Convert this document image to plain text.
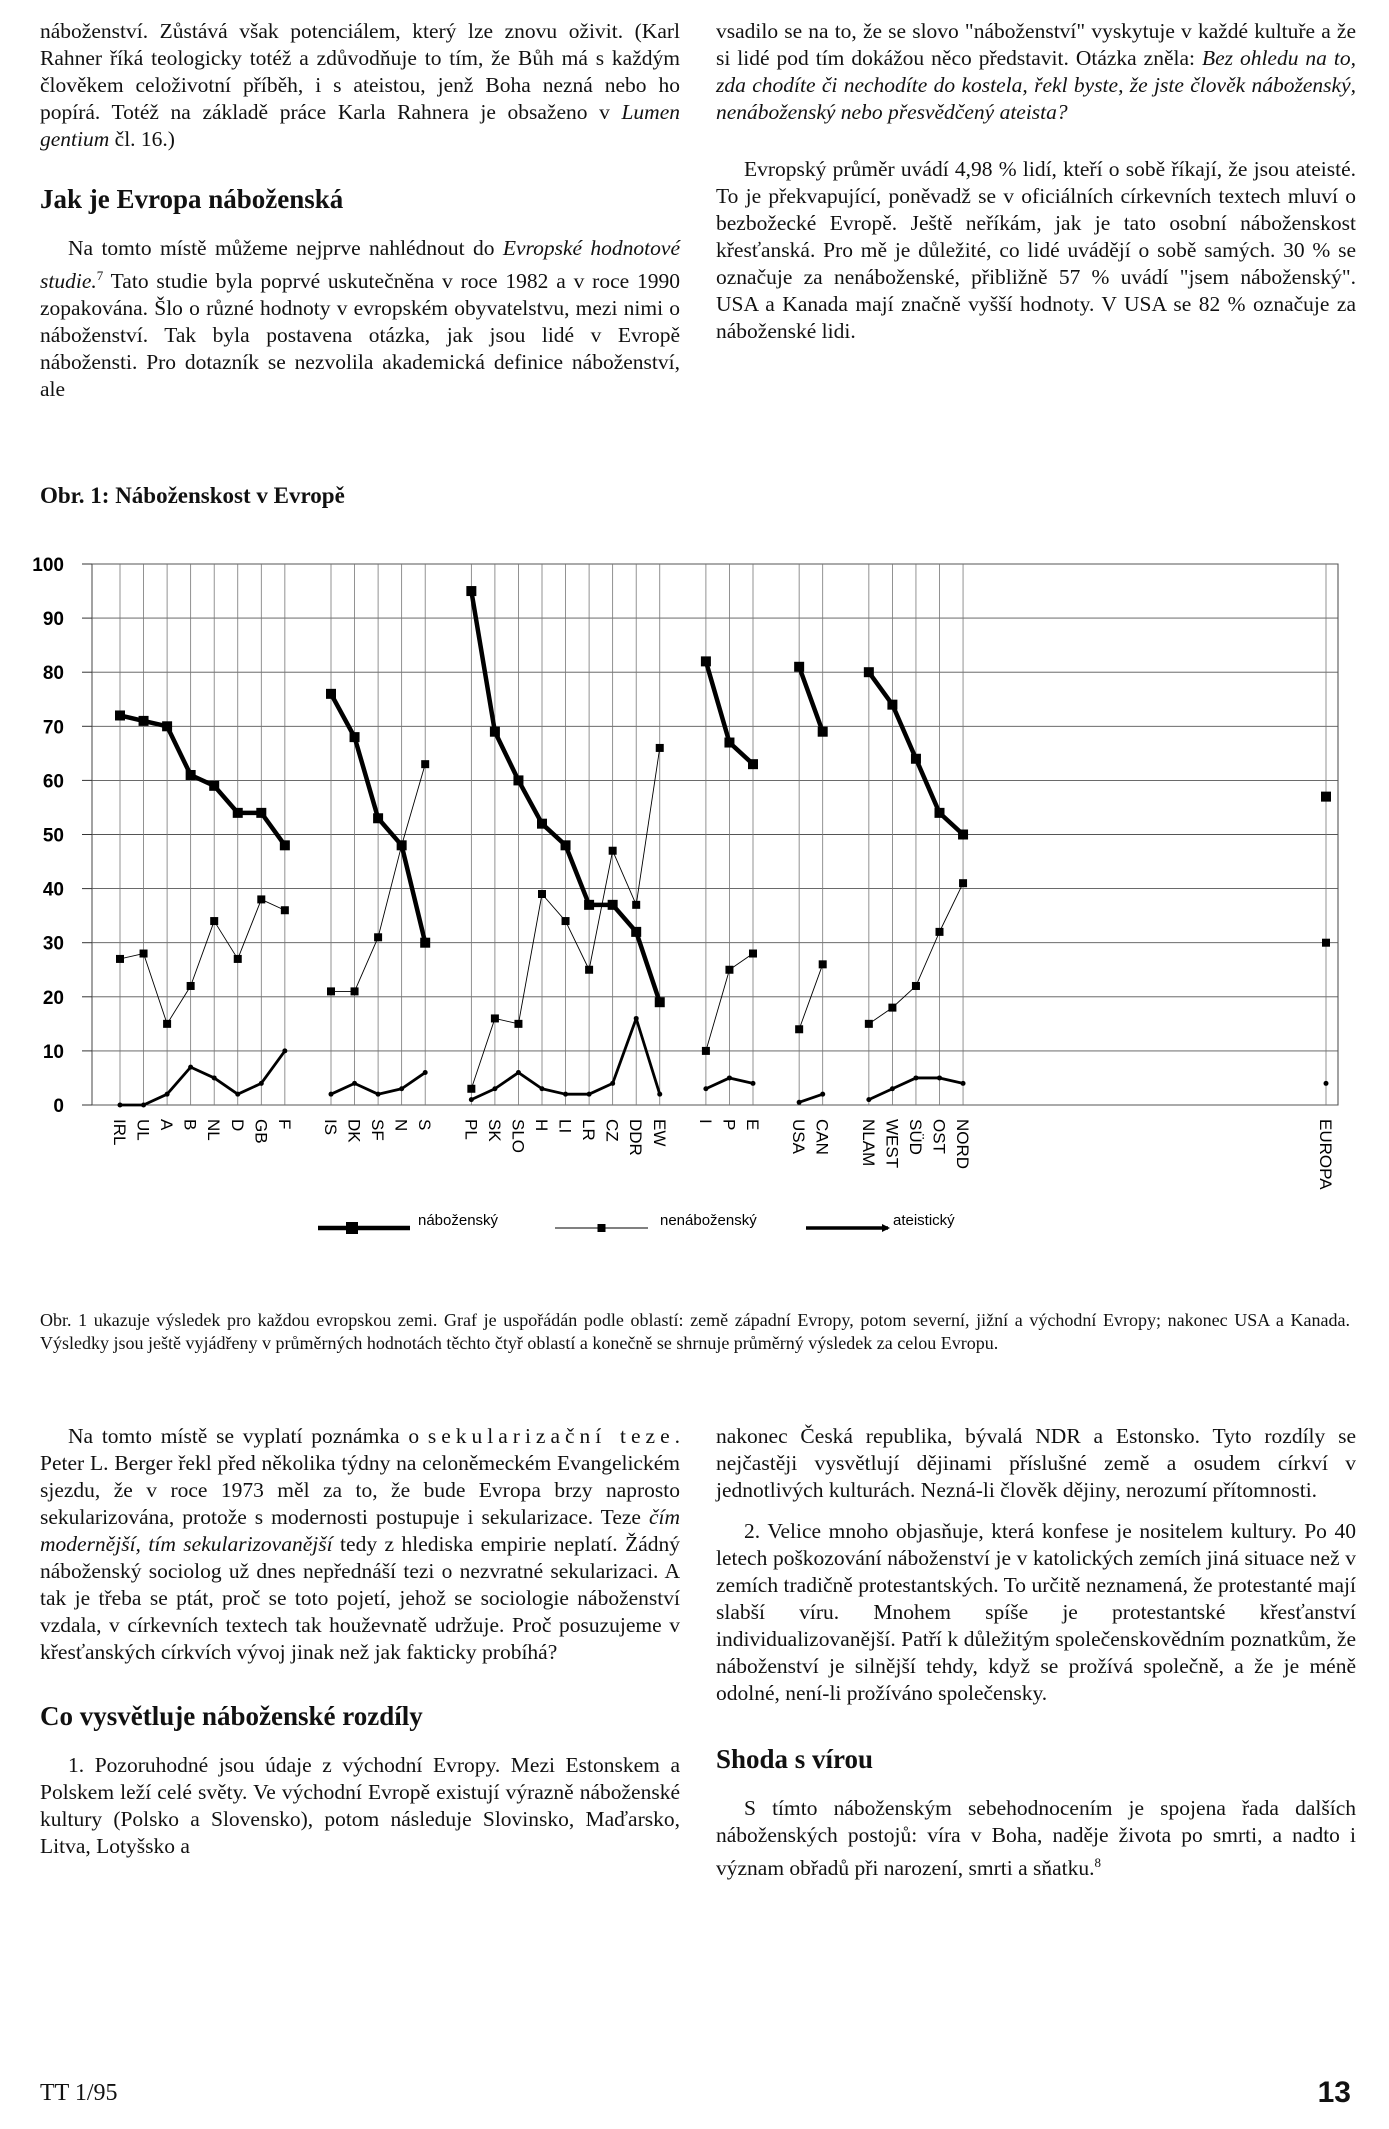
náboženství. Zůstává však potenciálem, který lze znovu oživit. (Karl Rahner říká teologicky totéž a zdůvodňuje to tím, že Bůh má s každým člověkem celoživotní příběh, i s ateistou, jenž Boha nezná nebo ho popírá. Totéž na základě práce Karla Rahnera je obsaženo v Lumen gentium čl. 16.)

Jak je Evropa náboženská

Na tomto místě můžeme nejprve nahlédnout do Evropské hodnotové studie.$^7$ Tato studie byla poprvé uskutečněna v roce 1982 a v roce 1990 zopakována. Šlo o různé hodnoty v evropském obyvatelstvu, mezi nimi o náboženství. Tak byla postavena otázka, jak jsou lidé v Evropě nábožensti. Pro dotazník se nezvolila akademická definice náboženství, ale

vsadilo se na to, že se slovo "náboženství" vyskytuje v každé kultuře a že si lidé pod tím dokážou něco představit. Otázka zněla: Bez ohledu na to, zda chodíte či nechodíte do kostela, řekl byste, že jste člověk náboženský, nenáboženský nebo přesvědčený ateista?

Evropský průměr uvádí 4,98 % lidí, kteří o sobě říkají, že jsou ateisté. To je překvapující, poněvadž se v oficiálních církevních textech mluví o bezbožecké Evropě. Ještě neříkám, jak je tato osobní náboženskost křesťanská. Pro mě je důležité, co lidé uvádějí o sobě samých. 30 % se označuje za nenáboženské, přibližně 57 % uvádí "jsem náboženský". USA a Kanada mají značně vyšší hodnoty. V USA se 82 % označuje za náboženské lidi.

Obr. 1: Náboženskost v Evropě
100
90
80
70
60
50
40
30
20
10
0
IRL UL A B NL D GB F IS DK SF N S PL SK SLO H LI LR CZ DDR EW I P E USA CAN NLAM WEST SÜD OST NORD	EUROPA
náboženský	nenáboženský	ateistický
Obr. 1 ukazuje výsledek pro každou evropskou zemi. Graf je uspořádán podle oblastí: země západní Evropy, potom severní, jižní a východní Evropy; nakonec USA a Kanada. Výsledky jsou ještě vyjádřeny v průměrných hodnotách těchto čtyř oblastí a konečně se shrnuje průměrný výsledek za celou Evropu.

Na tomto místě se vyplatí poznámka o sekularizační teze. Peter L. Berger řekl před několika týdny na celoněmeckém Evangelickém sjezdu, že v roce 1973 měl za to, že bude Evropa brzy naprosto sekularizována, protože s modernosti postupuje i sekularizace. Teze čím modernější, tím sekularizovanější tedy z hlediska empirie neplatí. Žádný náboženský sociolog už dnes nepřednáší tezi o nezvratné sekularizaci. A tak je třeba se ptát, proč se toto pojetí, jehož se sociologie náboženství vzdala, v církevních textech tak houževnatě udržuje. Proč posuzujeme v křesťanských církvích vývoj jinak než jak fakticky probíhá?

Co vysvětluje náboženské rozdíly

1. Pozoruhodné jsou údaje z východní Evropy. Mezi Estonskem a Polskem leží celé světy. Ve východní Evropě existují výrazně náboženské kultury (Polsko a Slovensko), potom následuje Slovinsko, Maďarsko, Litva, Lotyšsko a

nakonec Česká republika, bývalá NDR a Estonsko. Tyto rozdíly se nejčastěji vysvětlují dějinami příslušné země a osudem církví v jednotlivých kulturách. Nezná-li člověk dějiny, nerozumí přítomnosti.

2. Velice mnoho objasňuje, která konfese je nositelem kultury. Po 40 letech poškozování náboženství je v katolických zemích jiná situace než v zemích tradičně protestantských. To určitě neznamená, že protestanté mají slabší víru. Mnohem spíše je protestantské křesťanství individualizovanější. Patří k důležitým společenskovědním poznatkům, že náboženství je silnější tehdy, když se prožívá společně, a že je méně odolné, není-li prožíváno společensky.

Shoda s vírou

S tímto náboženským sebehodnocením je spojena řada dalších náboženských postojů: víra v Boha, naděje života po smrti, a nadto i význam obřadů při narození, smrti a sňatku.$^8$

TT 1/95	13
